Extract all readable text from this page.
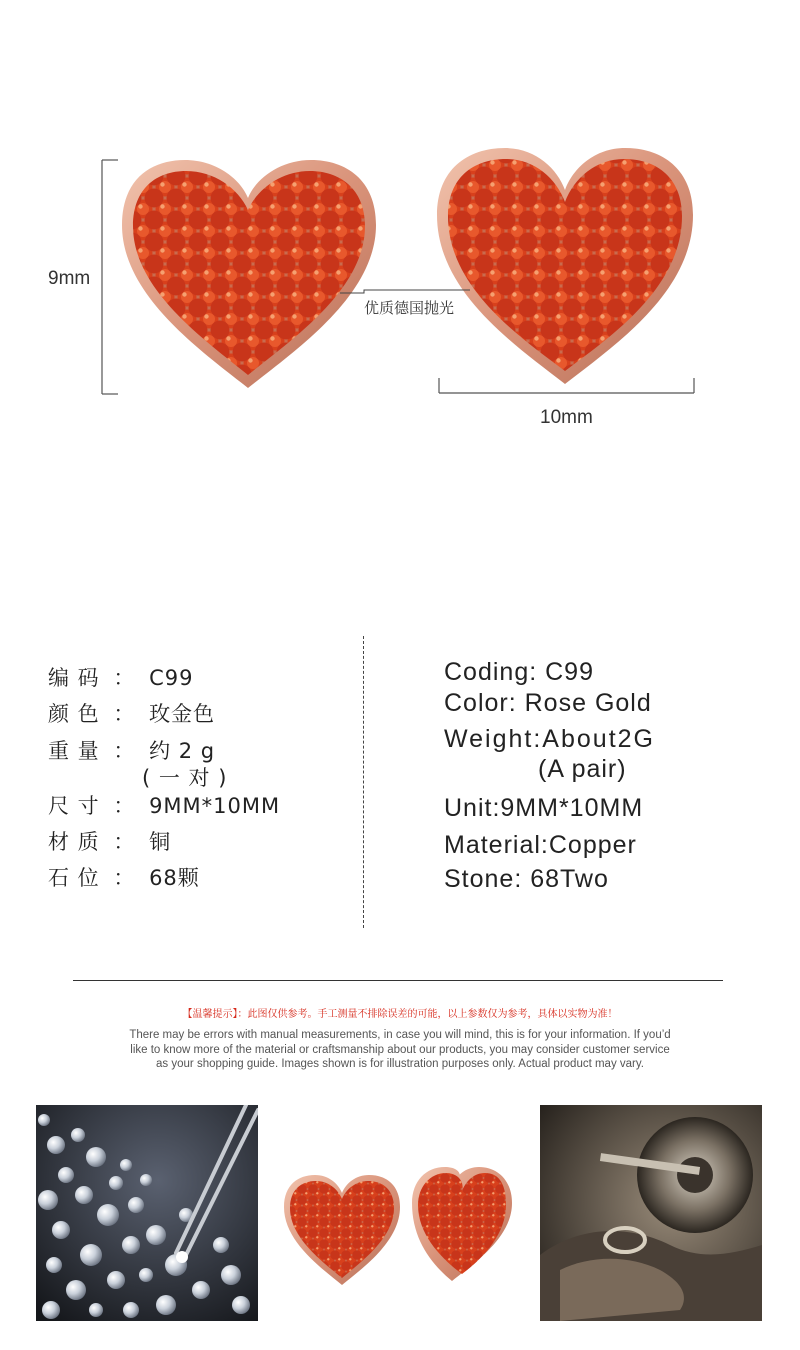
9mm
10mm
优质德国抛光
编 码 ： C99
颜 色 ： 玫金色
重 量 ： 约 2 g
( 一 对 )
尺 寸 ： 9MM*10MM
材 质 ： 铜
石 位 ： 68颗
Coding: C99
Color: Rose Gold
Weight:About2G
(A pair)
Unit:9MM*10MM
Material:Copper
Stone: 68Two
【温馨提示】：此图仅供参考。手工测量不排除误差的可能，以上参数仅为参考，具体以实物为准！
There may be errors with manual measurements, in case you will mind, this is for your information. If you’d
like to know more of the material or craftsmanship about our products, you may consider customer service
as your shopping guide. Images shown is for illustration purposes only. Actual product may vary.
